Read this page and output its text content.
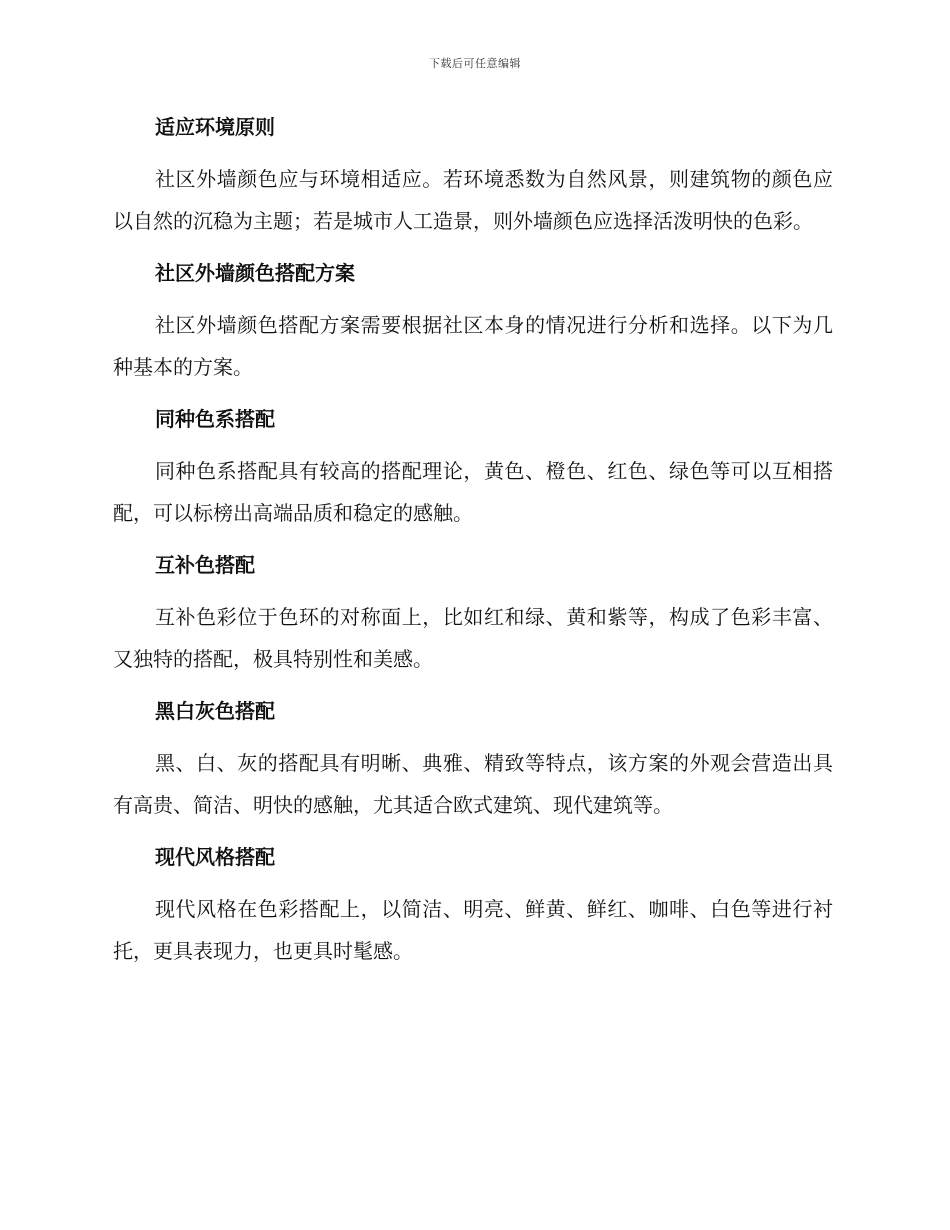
下载后可任意编辑
适应环境原则

社区外墙颜色应与环境相适应。若环境悉数为自然风景，则建筑物的颜色应以自然的沉稳为主题；若是城市人工造景，则外墙颜色应选择活泼明快的色彩。

社区外墙颜色搭配方案

社区外墙颜色搭配方案需要根据社区本身的情况进行分析和选择。以下为几种基本的方案。

同种色系搭配

同种色系搭配具有较高的搭配理论，黄色、橙色、红色、绿色等可以互相搭配，可以标榜出高端品质和稳定的感触。

互补色搭配

互补色彩位于色环的对称面上，比如红和绿、黄和紫等，构成了色彩丰富、又独特的搭配，极具特别性和美感。

黑白灰色搭配

黑、白、灰的搭配具有明晰、典雅、精致等特点，该方案的外观会营造出具有高贵、简洁、明快的感触，尤其适合欧式建筑、现代建筑等。

现代风格搭配

现代风格在色彩搭配上，以简洁、明亮、鲜黄、鲜红、咖啡、白色等进行衬托，更具表现力，也更具时髦感。
